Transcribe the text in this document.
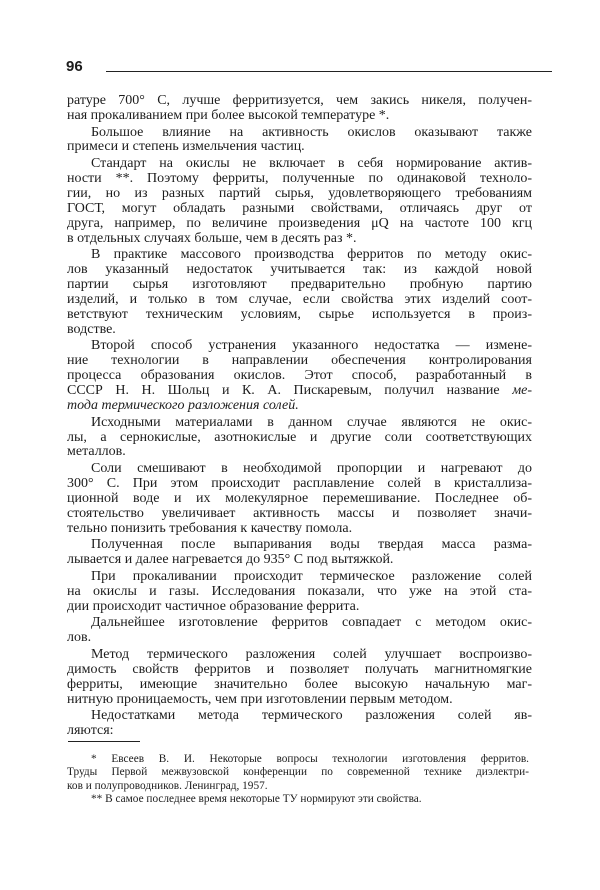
96
ратуре 700° С, лучше ферритизуется, чем закись никеля, получен-
ная прокаливанием при более высокой температуре *.
Большое влияние на активность окислов оказывают также
примеси и степень измельчения частиц.
Стандарт на окислы не включает в себя нормирование актив-
ности **. Поэтому ферриты, полученные по одинаковой техноло-
гии, но из разных партий сырья, удовлетворяющего требованиям
ГОСТ, могут обладать разными свойствами, отличаясь друг от
друга, например, по величине произведения μQ на частоте 100 кгц
в отдельных случаях больше, чем в десять раз *.
В практике массового производства ферритов по методу окис-
лов указанный недостаток учитывается так: из каждой новой
партии сырья изготовляют предварительно пробную партию
изделий, и только в том случае, если свойства этих изделий соот-
ветствуют техническим условиям, сырье используется в произ-
водстве.
Второй способ устранения указанного недостатка — измене-
ние технологии в направлении обеспечения контролирования
процесса образования окислов. Этот способ, разработанный в
СССР Н. Н. Шольц и К. А. Пискаревым, получил название ме-
тода термического разложения солей.
Исходными материалами в данном случае являются не окис-
лы, а сернокислые, азотнокислые и другие соли соответствующих
металлов.
Соли смешивают в необходимой пропорции и нагревают до
300° С. При этом происходит расплавление солей в кристаллиза-
ционной воде и их молекулярное перемешивание. Последнее об-
стоятельство увеличивает активность массы и позволяет значи-
тельно понизить требования к качеству помола.
Полученная после выпаривания воды твердая масса размa-
лывается и далее нагревается до 935° С под вытяжкой.
При прокаливании происходит термическое разложение солей
на окислы и газы. Исследования показали, что уже на этой ста-
дии происходит частичное образование феррита.
Дальнейшее изготовление ферритов совпадает с методом окис-
лов.
Метод термического разложения солей улучшает воспроизво-
димость свойств ферритов и позволяет получать магнитномягкие
ферриты, имеющие значительно более высокую начальную маг-
нитную проницаемость, чем при изготовлении первым методом.
Недостатками метода термического разложения солей яв-
ляются:
* Евсеев В. И. Некоторые вопросы технологии изготовления ферритов.
Труды Первой межвузовской конференции по современной технике диэлектри-
ков и полупроводников. Ленинград, 1957.
** В самое последнее время некоторые ТУ нормируют эти свойства.
